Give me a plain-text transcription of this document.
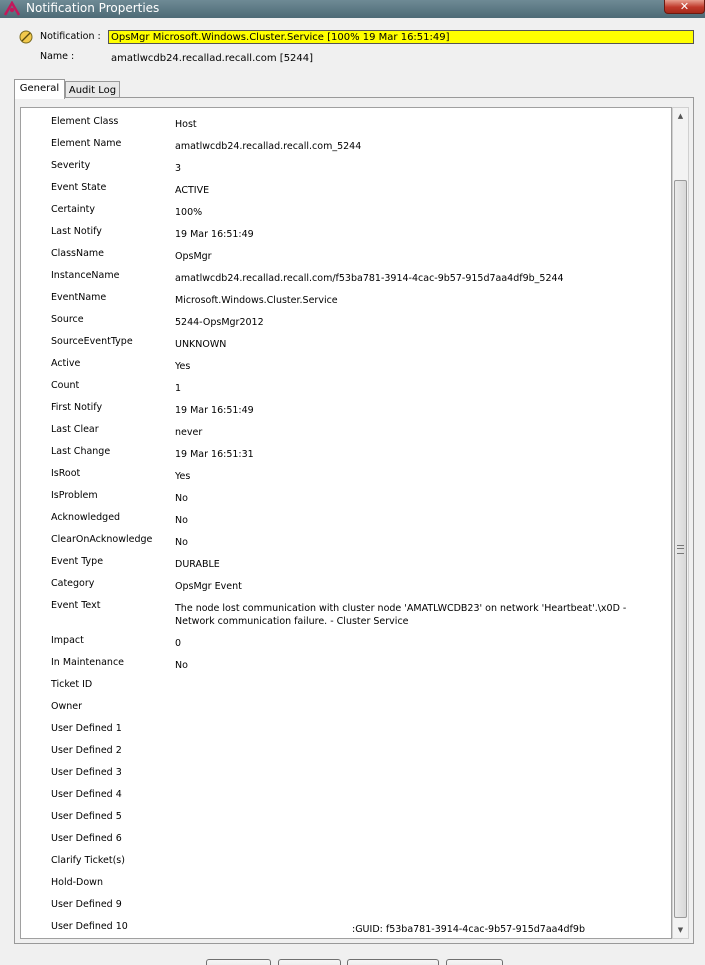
Notification Properties	✕
Notification :	OpsMgr Microsoft.Windows.Cluster.Service [100% 19 Mar 16:51:49]
Name :	amatlwcdb24.recallad.recall.com [5244]
General Audit Log
Element Class	Host
Element Name	amatlwcdb24.recallad.recall.com_5244
Severity	3
Event State	ACTIVE
Certainty	100%
Last Notify	19 Mar 16:51:49
ClassName	OpsMgr
InstanceName	amatlwcdb24.recallad.recall.com/f53ba781-3914-4cac-9b57-915d7aa4df9b_5244
EventName	Microsoft.Windows.Cluster.Service
Source	5244-OpsMgr2012
SourceEventType	UNKNOWN
Active	Yes
Count	1
First Notify	19 Mar 16:51:49
Last Clear	never
Last Change	19 Mar 16:51:31
IsRoot	Yes
IsProblem	No
Acknowledged	No
ClearOnAcknowledge No
Event Type	DURABLE
Category	OpsMgr Event
Event Text	The node lost communication with cluster node 'AMATLWCDB23' on network 'Heartbeat'.\x0D -
Network communication failure. - Cluster Service
Impact	0
In Maintenance	No
Ticket ID
Owner
User Defined 1
User Defined 2
User Defined 3
User Defined 4
User Defined 5
User Defined 6
Clarify Ticket(s)
Hold-Down
User Defined 9
User Defined 10	:GUID: f53ba781-3914-4cac-9b57-915d7aa4df9b
▲
▼
